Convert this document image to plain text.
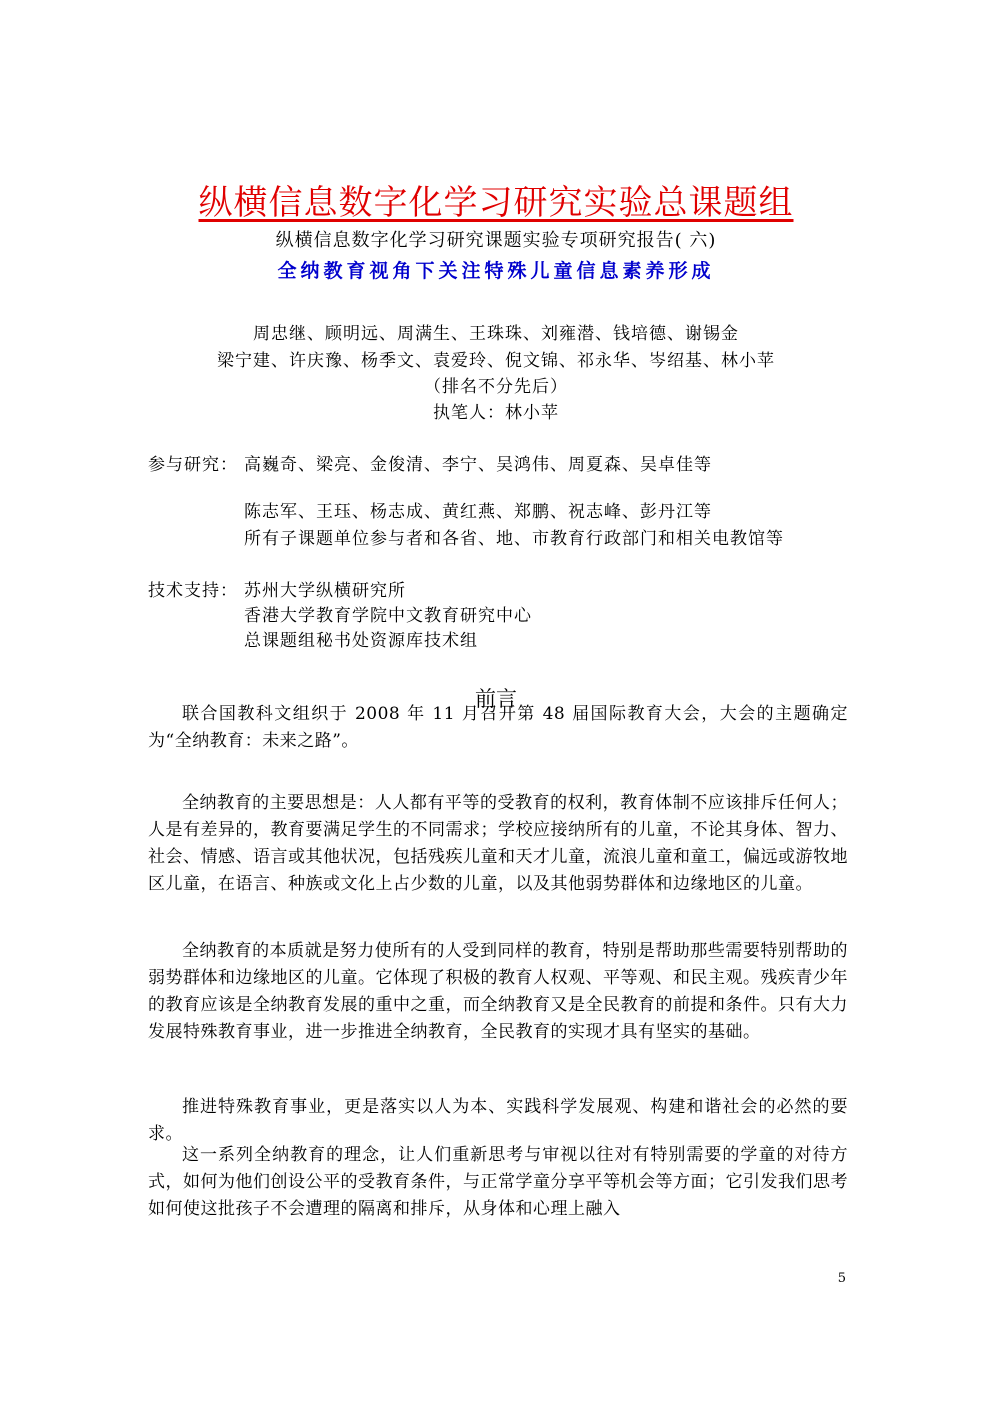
纵横信息数字化学习研究实验总课题组
纵横信息数字化学习研究课题实验专项研究报告( 六)
全纳教育视角下关注特殊儿童信息素养形成
周忠继、顾明远、周满生、王珠珠、刘雍潜、钱培德、谢锡金
梁宁建、许庆豫、杨季文、袁爱玲、倪文锦、祁永华、岑绍基、林小苹
（排名不分先后）
执笔人：林小苹
参与研究： 高巍奇、梁亮、金俊清、李宁、吴鸿伟、周夏森、吴卓佳等
陈志军、王珏、杨志成、黄红燕、郑鹏、祝志峰、彭丹江等
所有子课题单位参与者和各省、地、市教育行政部门和相关电教馆等
技术支持： 苏州大学纵横研究所
香港大学教育学院中文教育研究中心
总课题组秘书处资源库技术组
前言

联合国教科文组织于 2008 年 11 月召开第 48 届国际教育大会，大会的主题确定为“全纳教育：未来之路”。

全纳教育的主要思想是：人人都有平等的受教育的权利，教育体制不应该排斥任何人；人是有差异的，教育要满足学生的不同需求；学校应接纳所有的儿童，不论其身体、智力、社会、情感、语言或其他状况，包括残疾儿童和天才儿童，流浪儿童和童工，偏远或游牧地区儿童，在语言、种族或文化上占少数的儿童，以及其他弱势群体和边缘地区的儿童。

全纳教育的本质就是努力使所有的人受到同样的教育，特别是帮助那些需要特别帮助的弱势群体和边缘地区的儿童。它体现了积极的教育人权观、平等观、和民主观。残疾青少年的教育应该是全纳教育发展的重中之重，而全纳教育又是全民教育的前提和条件。只有大力发展特殊教育事业，进一步推进全纳教育，全民教育的实现才具有坚实的基础。

推进特殊教育事业，更是落实以人为本、实践科学发展观、构建和谐社会的必然的要求。

这一系列全纳教育的理念，让人们重新思考与审视以往对有特别需要的学童的对待方式，如何为他们创设公平的受教育条件，与正常学童分享平等机会等方面；它引发我们思考如何使这批孩子不会遭理的隔离和排斥，从身体和心理上融入

5
